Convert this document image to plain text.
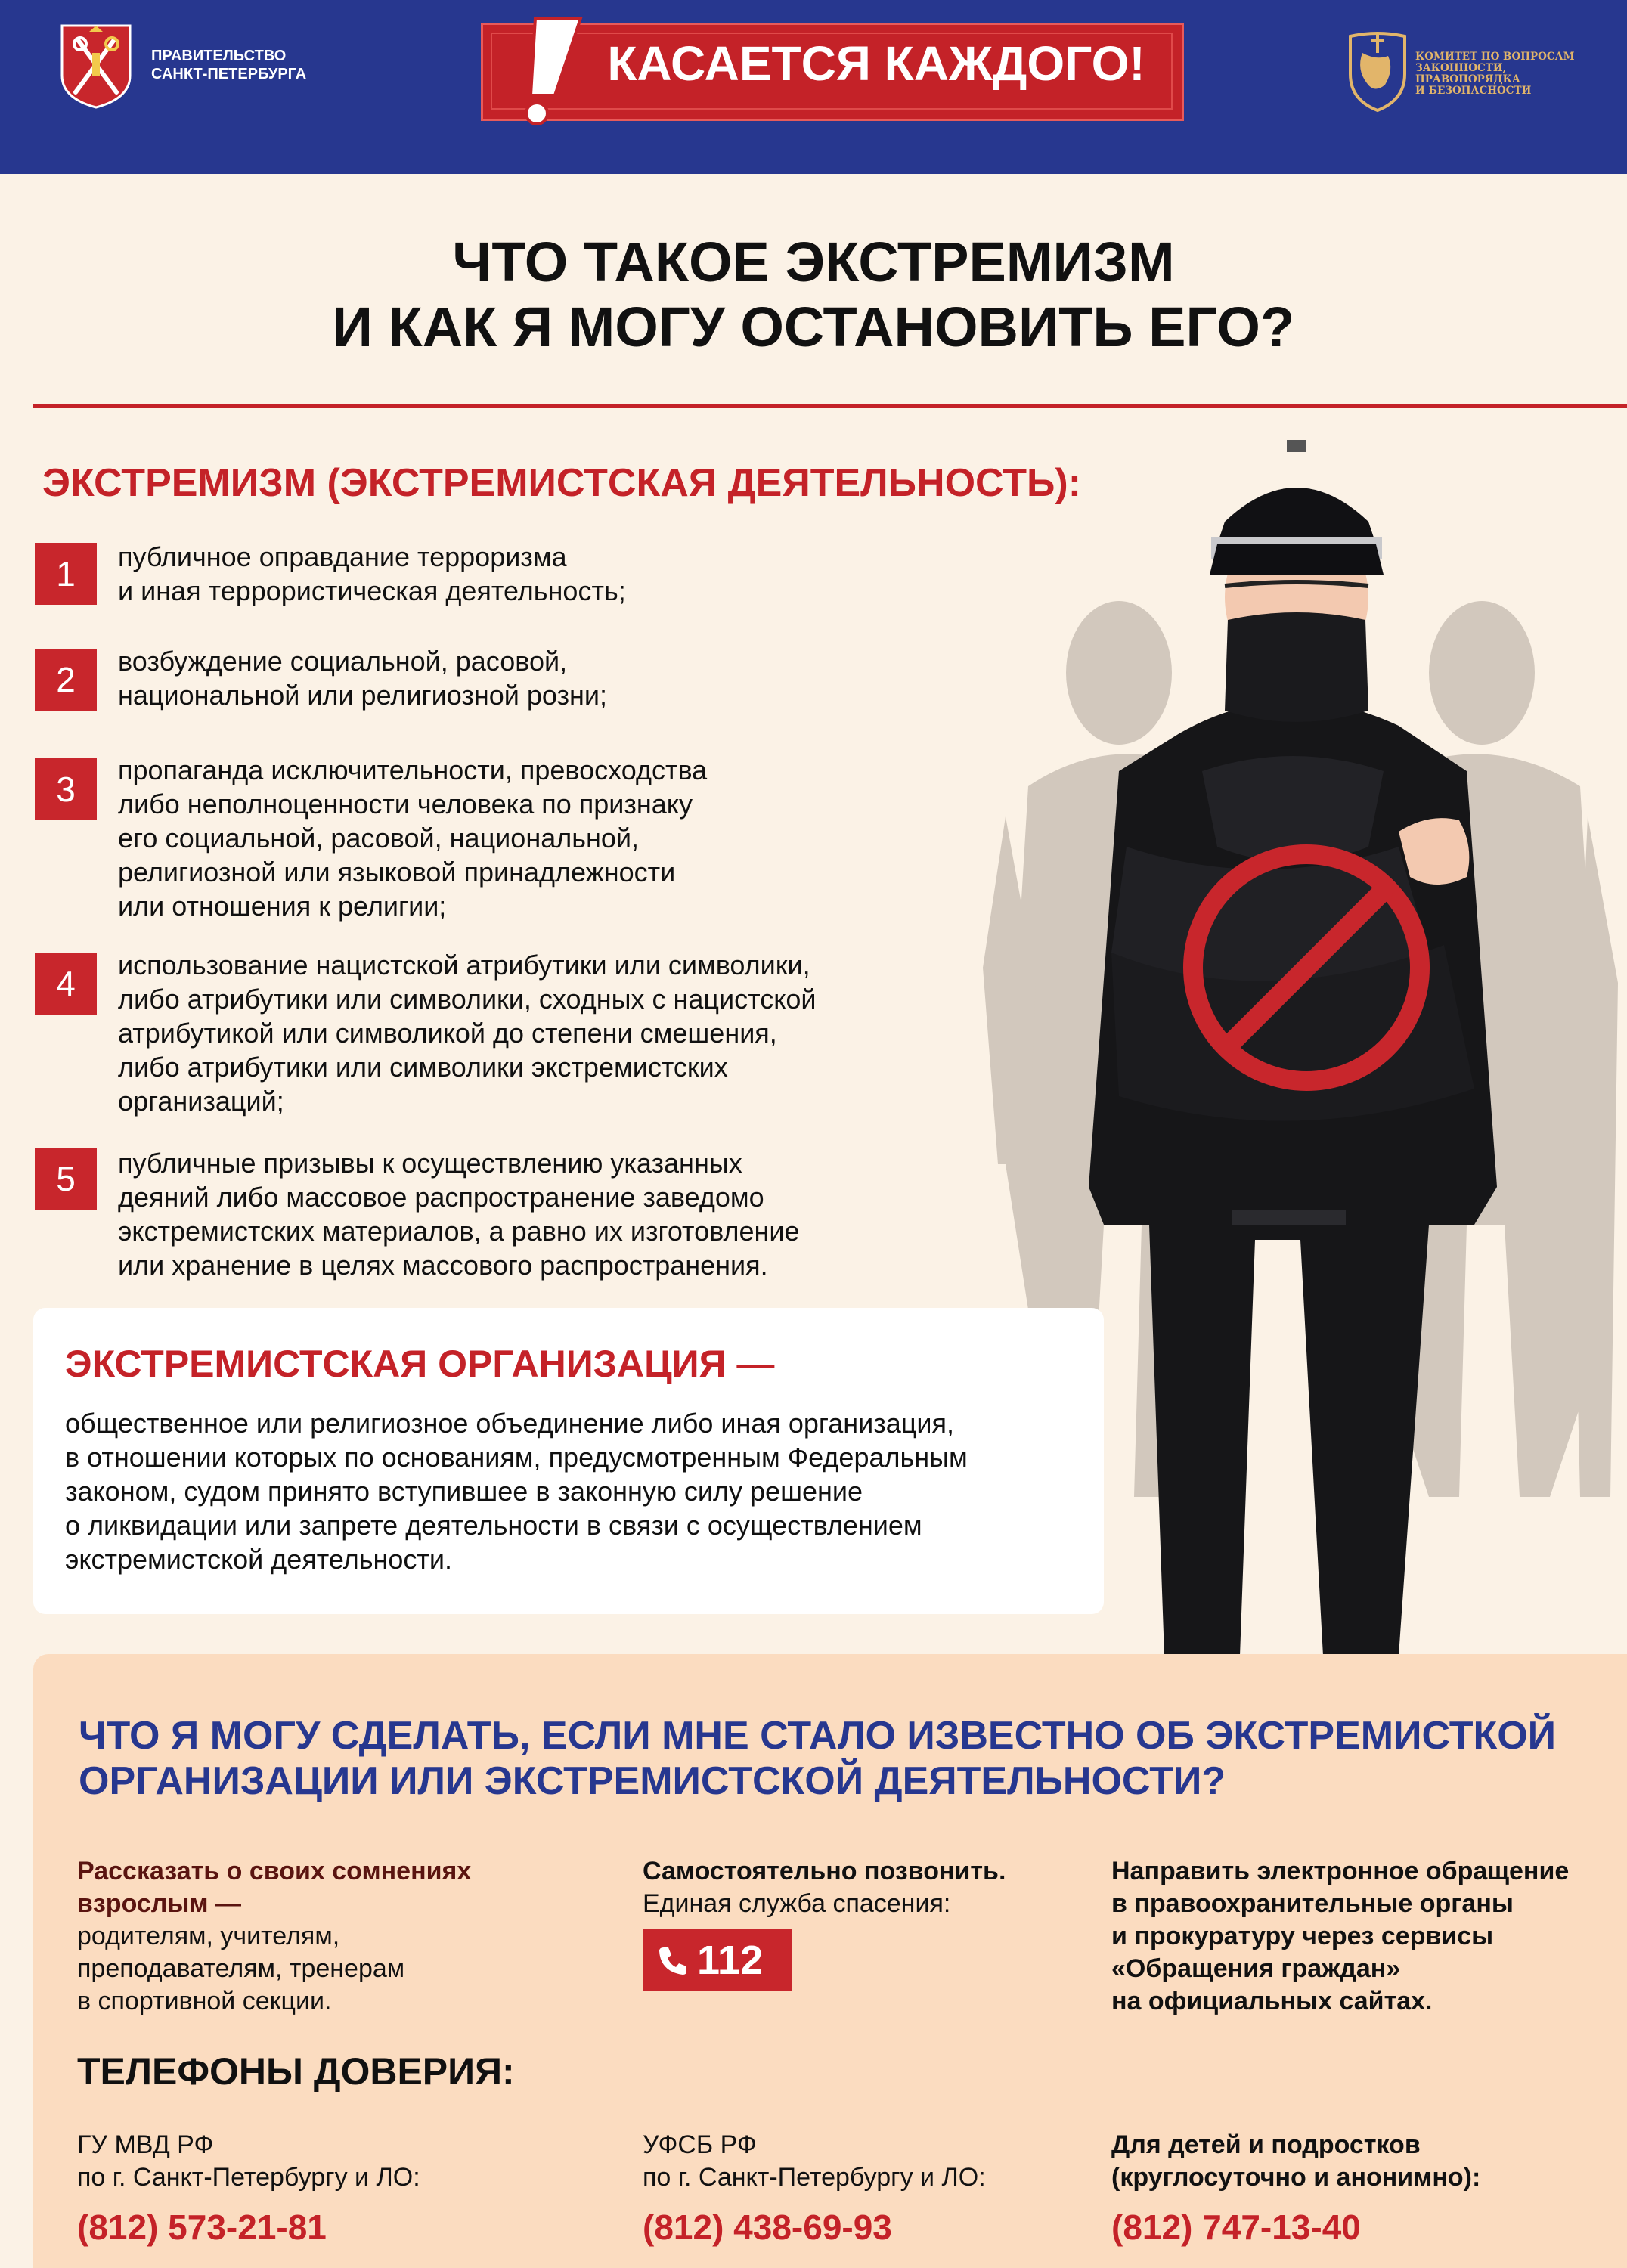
ПРАВИТЕЛЬСТВО
САНКТ-ПЕТЕРБУРГА	КАСАЕТСЯ КАЖДОГО!	КОМИТЕТ ПО ВОПРОСАМ
ЗАКОННОСТИ, ПРАВОПОРЯДКА
И БЕЗОПАСНОСТИ
ЧТО ТАКОЕ ЭКСТРЕМИЗМ
И КАК Я МОГУ ОСТАНОВИТЬ ЕГО?
ЭКСТРЕМИЗМ (ЭКСТРЕМИСТСКАЯ ДЕЯТЕЛЬНОСТЬ):
1	публичное оправдание терроризма
и иная террористическая деятельность;
2	возбуждение социальной, расовой,
национальной или религиозной розни;
3	пропаганда исключительности, превосходства
либо неполноценности человека по признаку
его социальной, расовой, национальной,
религиозной или языковой принадлежности
или отношения к религии;
4	использование нацистской атрибутики или символики,
либо атрибутики или символики, сходных с нацистской
атрибутикой или символикой до степени смешения,
либо атрибутики или символики экстремистских
организаций;
5	публичные призывы к осуществлению указанных
деяний либо массовое распространение заведомо
экстремистских материалов, а равно их изготовление
или хранение в целях массового распространения.
ЭКСТРЕМИСТСКАЯ ОРГАНИЗАЦИЯ —
общественное или религиозное объединение либо иная организация,
в отношении которых по основаниям, предусмотренным Федеральным
законом, судом принято вступившее в законную силу решение
о ликвидации или запрете деятельности в связи с осуществлением
экстремистской деятельности.
ЧТО Я МОГУ СДЕЛАТЬ, ЕСЛИ МНЕ СТАЛО ИЗВЕСТНО ОБ ЭКСТРЕМИСТКОЙ
ОРГАНИЗАЦИИ ИЛИ ЭКСТРЕМИСТСКОЙ ДЕЯТЕЛЬНОСТИ?
Рассказать о своих сомнениях
взрослым —
родителям, учителям,
преподавателям, тренерам
в спортивной секции.
Самостоятельно позвонить.
Единая служба спасения:
112
Направить электронное обращение
в правоохранительные органы
и прокуратуру через сервисы
«Обращения граждан»
на официальных сайтах.
ТЕЛЕФОНЫ ДОВЕРИЯ:
ГУ МВД РФ
по г. Санкт-Петербургу и ЛО:
(812) 573-21-81
УФСБ РФ
по г. Санкт-Петербургу и ЛО:
(812) 438-69-93
Для детей и подростков
(круглосуточно и анонимно):
(812) 747-13-40
